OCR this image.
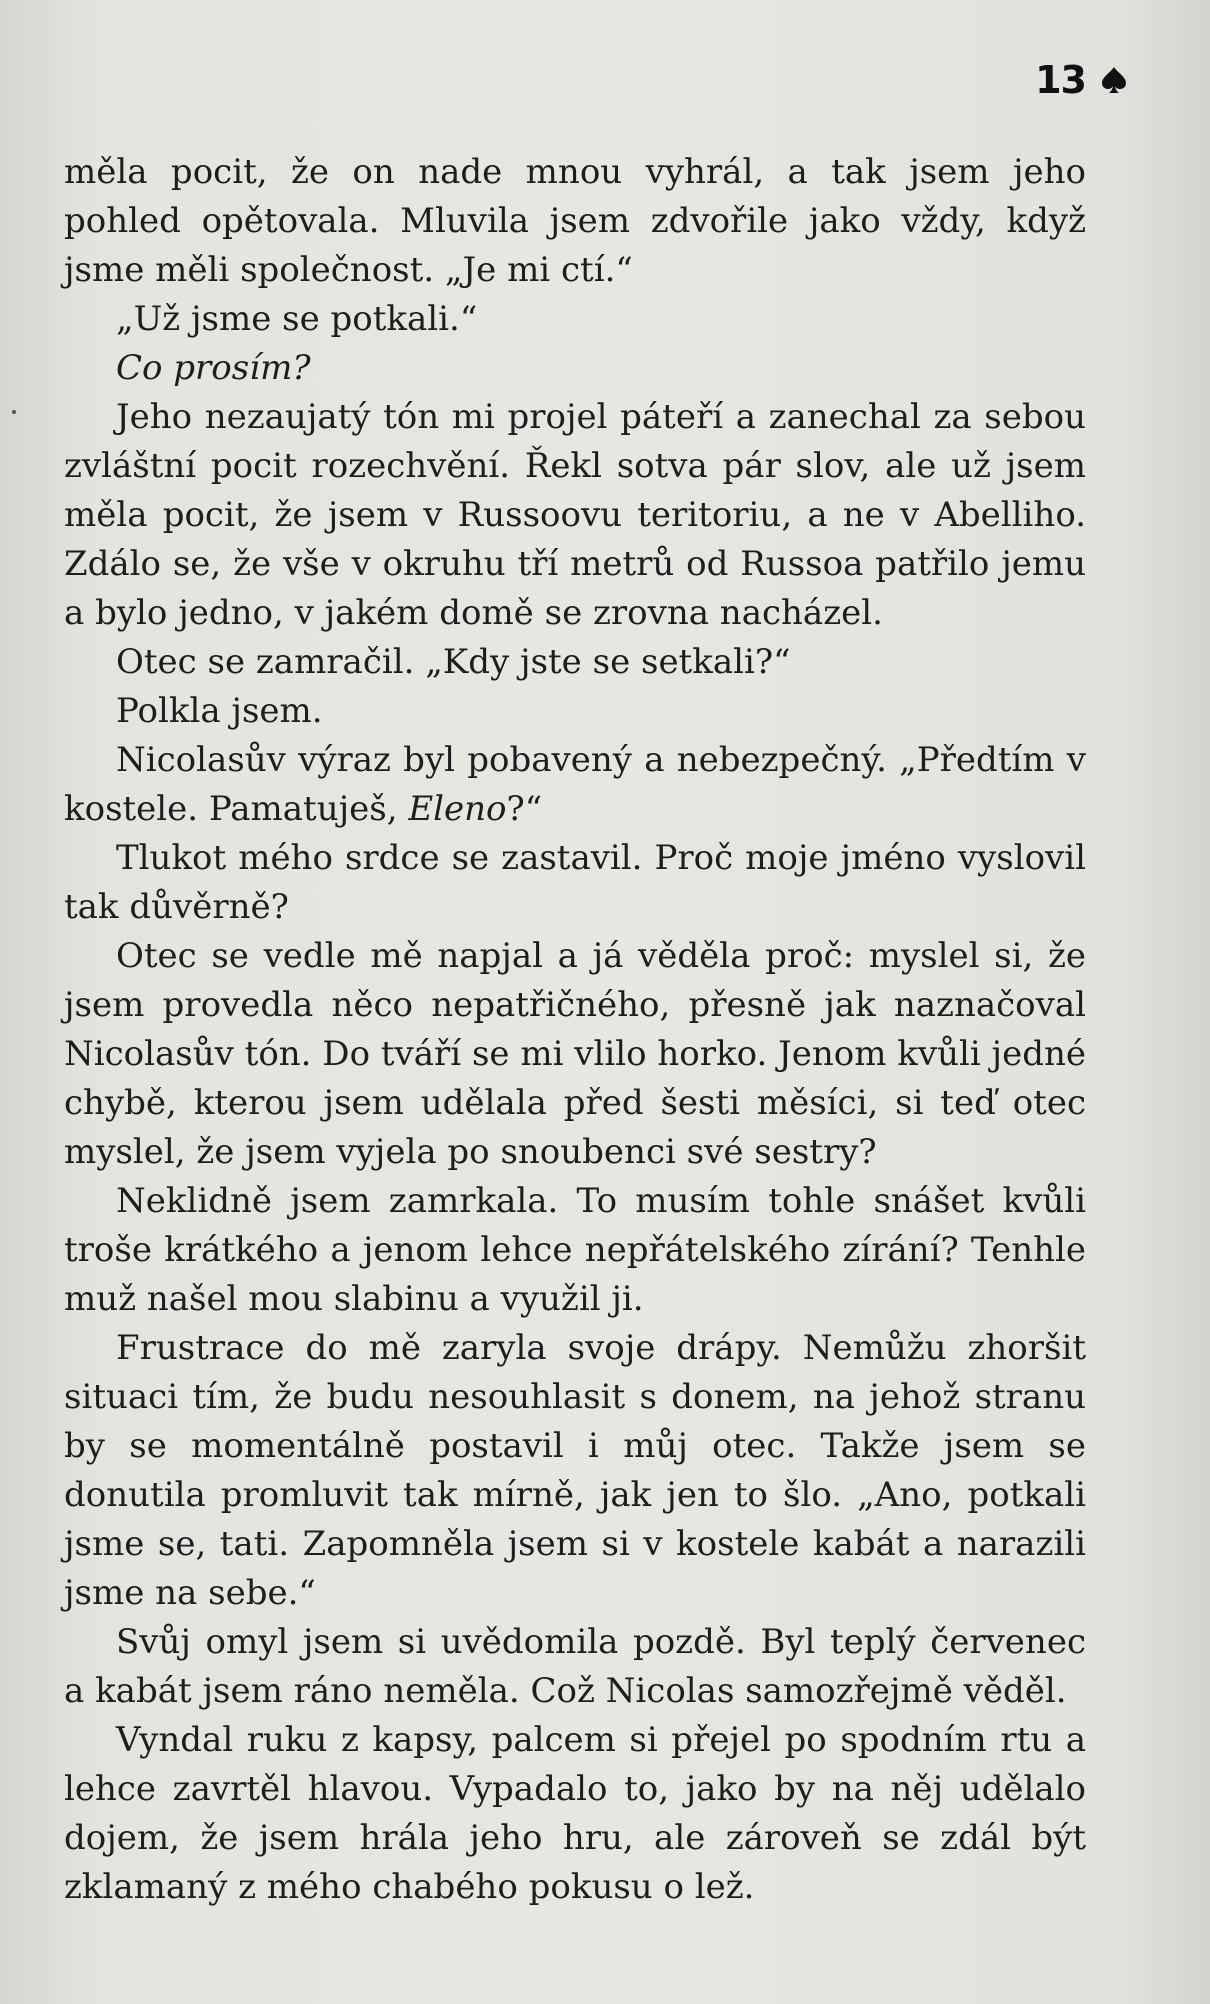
13

měla pocit, že on nade mnou vyhrál, a tak jsem jeho pohled opětovala. Mluvila jsem zdvořile jako vždy, když jsme měli společnost. „Je mi ctí.“

„Už jsme se potkali.“

Co prosím?

Jeho nezaujatý tón mi projel páteří a zanechal za sebou zvláštní pocit rozechvění. Řekl sotva pár slov, ale už jsem měla pocit, že jsem v Russoovu teritoriu, a ne v Abelliho. Zdálo se, že vše v okruhu tří metrů od Russoa patřilo jemu a bylo jedno, v jakém domě se zrovna nacházel.

Otec se zamračil. „Kdy jste se setkali?“

Polkla jsem.

Nicolasův výraz byl pobavený a nebezpečný. „Předtím v kostele. Pamatuješ, Eleno?“

Tlukot mého srdce se zastavil. Proč moje jméno vyslovil tak důvěrně?

Otec se vedle mě napjal a já věděla proč: myslel si, že jsem provedla něco nepatřičného, přesně jak naznačoval Nicolasův tón. Do tváří se mi vlilo horko. Jenom kvůli jedné chybě, kterou jsem udělala před šesti měsíci, si teď otec myslel, že jsem vyjela po snoubenci své sestry?

Neklidně jsem zamrkala. To musím tohle snášet kvůli troše krátkého a jenom lehce nepřátelského zírání? Tenhle muž našel mou slabinu a využil ji.

Frustrace do mě zaryla svoje drápy. Nemůžu zhoršit situaci tím, že budu nesouhlasit s donem, na jehož stranu by se momentálně postavil i můj otec. Takže jsem se donutila promluvit tak mírně, jak jen to šlo. „Ano, potkali jsme se, tati. Zapomněla jsem si v kostele kabát a narazili jsme na sebe.“

Svůj omyl jsem si uvědomila pozdě. Byl teplý červenec a kabát jsem ráno neměla. Což Nicolas samozřejmě věděl.

Vyndal ruku z kapsy, palcem si přejel po spodním rtu a lehce zavrtěl hlavou. Vypadalo to, jako by na něj udělalo dojem, že jsem hrála jeho hru, ale zároveň se zdál být zklamaný z mého chabého pokusu o lež.
